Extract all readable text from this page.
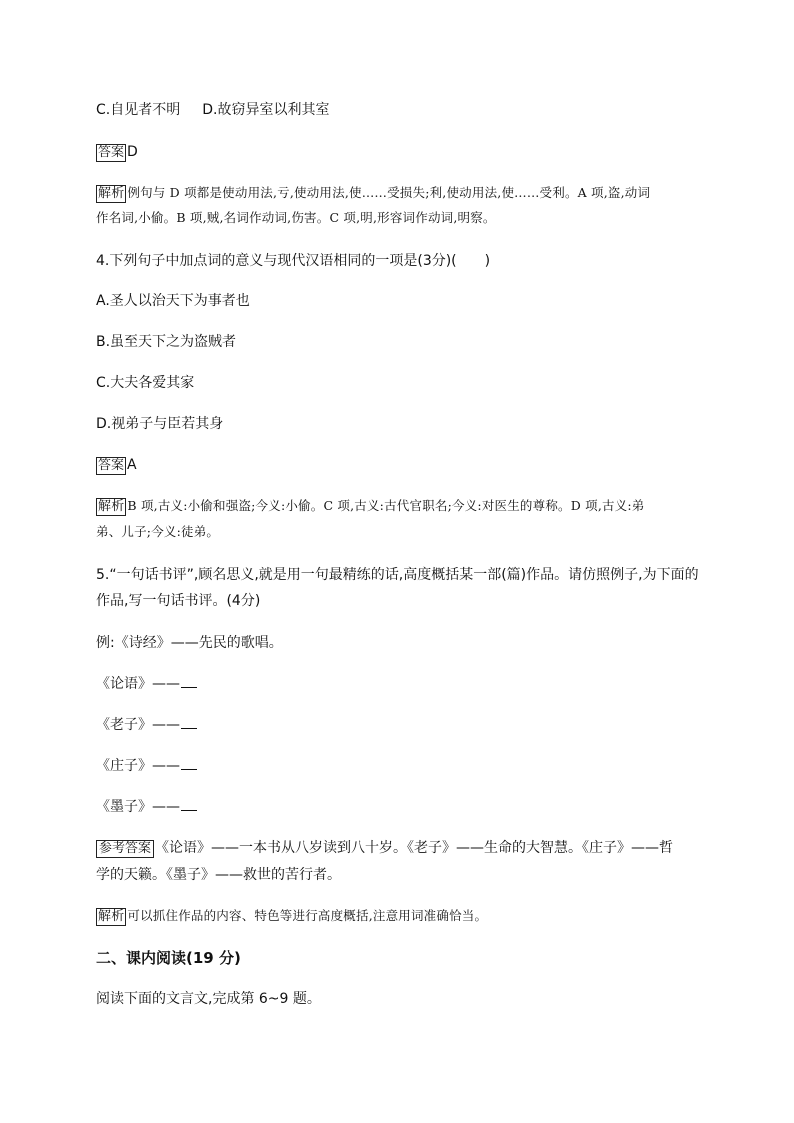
C.自见者不明 D.故窃异室以利其室
答案 D
解析 例句与 D 项都是使动用法,亏,使动用法,使……受损失;利,使动用法,使……受利。A 项,盗,动词
作名词,小偷。B 项,贼,名词作动词,伤害。C 项,明,形容词作动词,明察。
4.下列句子中加点词的意义与现代汉语相同的一项是(3分)(　　)
A.圣人以治天下为事者也
B.虽至天下之为盗贼者
C.大夫各爱其家
D.视弟子与臣若其身
答案 A
解析 B 项,古义:小偷和强盗;今义:小偷。C 项,古义:古代官职名;今义:对医生的尊称。D 项,古义:弟
弟、儿子;今义:徒弟。
5.“一句话书评”,顾名思义,就是用一句最精练的话,高度概括某一部(篇)作品。请仿照例子,为下面的
作品,写一句话书评。(4分)
例:《诗经》——先民的歌唱。
《论语》——
《老子》——
《庄子》——
《墨子》——
参考答案 《论语》——一本书从八岁读到八十岁。《老子》——生命的大智慧。《庄子》——哲
学的天籁。《墨子》——救世的苦行者。
解析 可以抓住作品的内容、特色等进行高度概括,注意用词准确恰当。
二、课内阅读(19 分)
阅读下面的文言文,完成第 6~9 题。
